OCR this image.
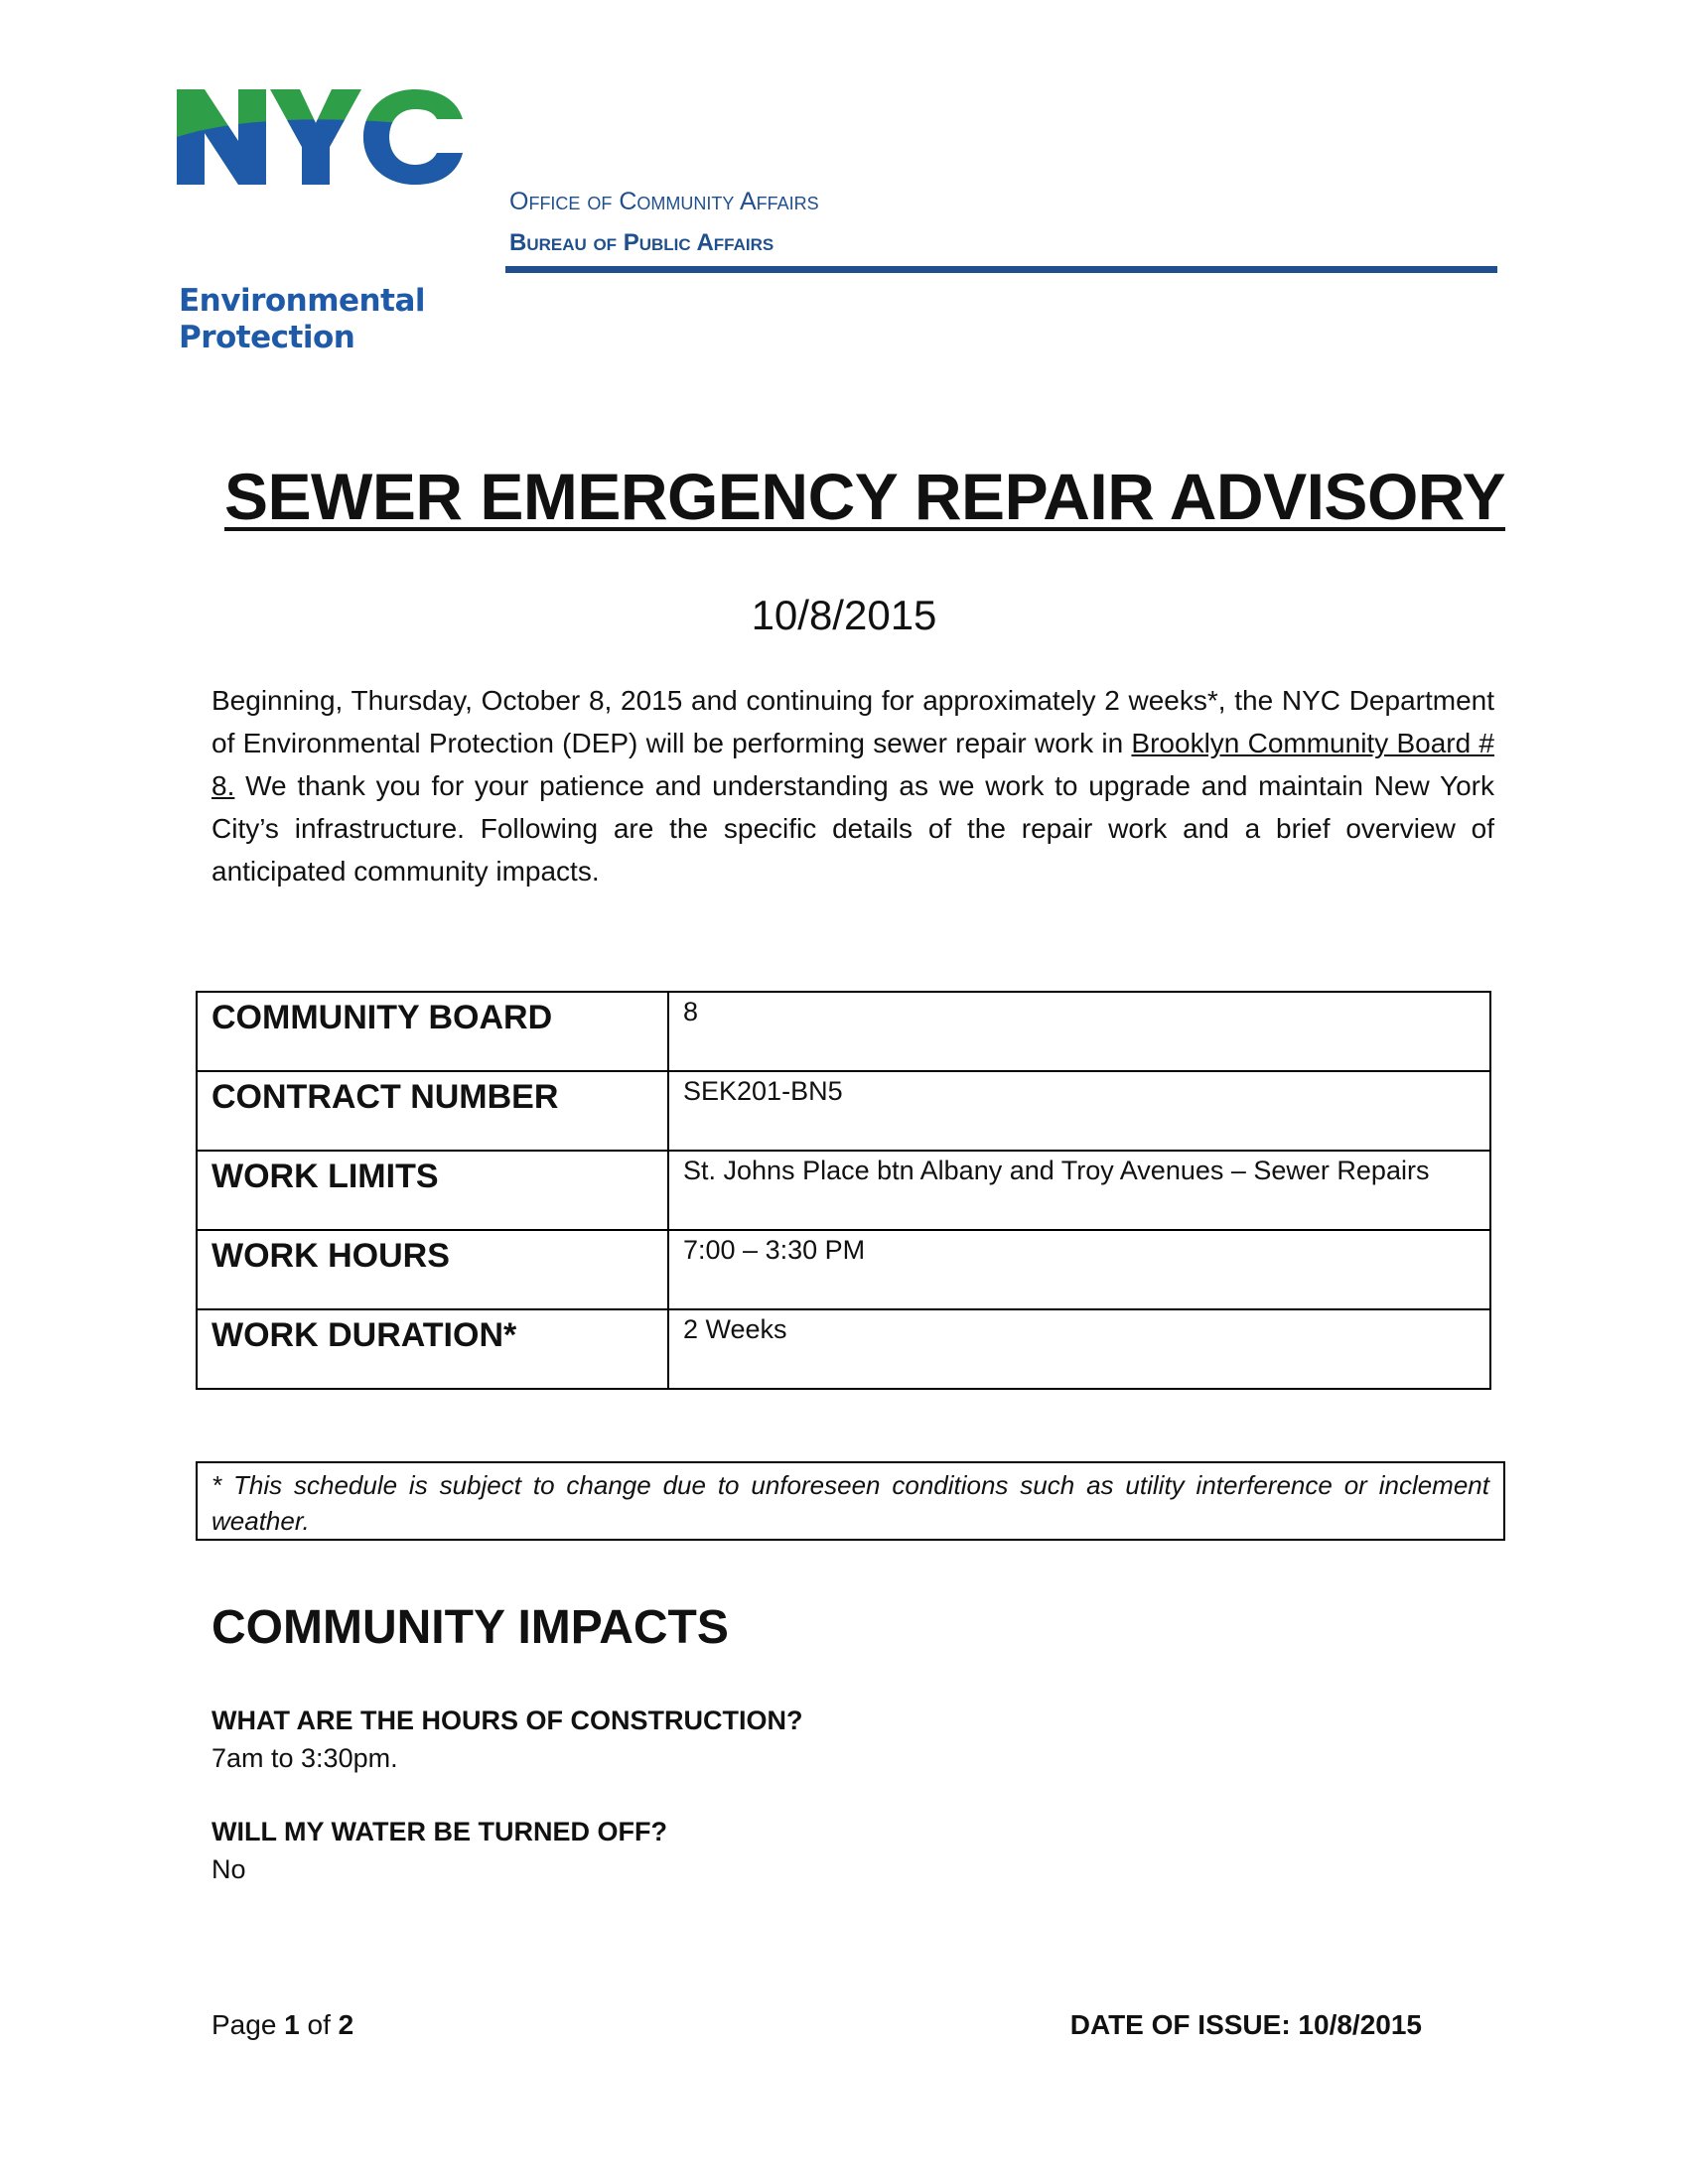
Environmental
Protection
Office of Community Affairs
Bureau of Public Affairs
SEWER EMERGENCY REPAIR ADVISORY
10/8/2015
Beginning, Thursday, October 8, 2015 and continuing for approximately 2 weeks*, the NYC Department of Environmental Protection (DEP) will be performing sewer repair work in Brooklyn Community Board # 8. We thank you for your patience and understanding as we work to upgrade and maintain New York City’s infrastructure. Following are the specific details of the repair work and a brief overview of anticipated community impacts.
COMMUNITY BOARD	8
CONTRACT NUMBER	SEK201-BN5
WORK LIMITS	St. Johns Place btn Albany and Troy Avenues – Sewer Repairs
WORK HOURS	7:00 – 3:30 PM
WORK DURATION*	2 Weeks
* This schedule is subject to change due to unforeseen conditions such as utility interference or inclement weather.
COMMUNITY IMPACTS
WHAT ARE THE HOURS OF CONSTRUCTION?
7am to 3:30pm.
WILL MY WATER BE TURNED OFF?
No
Page 1 of 2	DATE OF ISSUE: 10/8/2015
